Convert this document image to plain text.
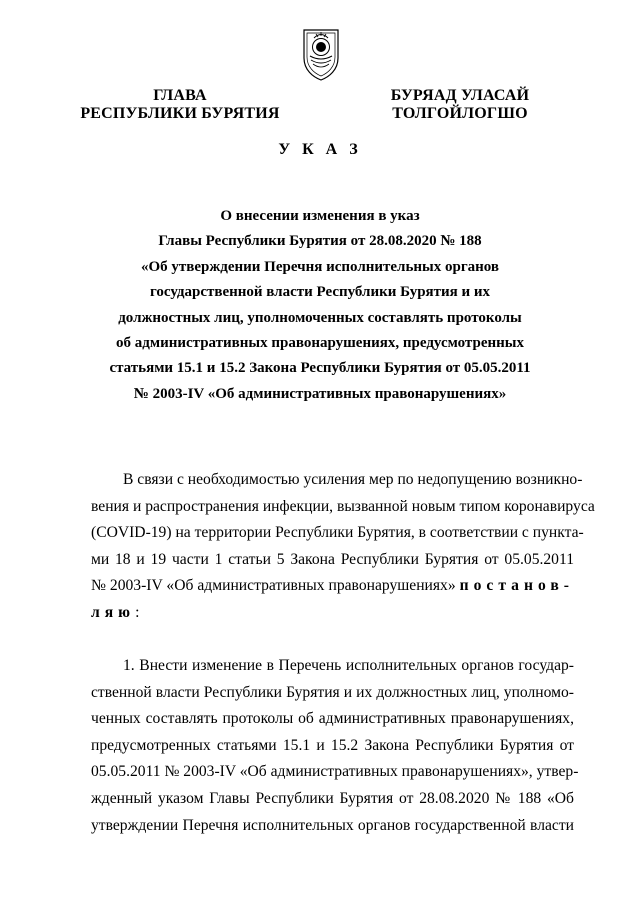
ГЛАВА
РЕСПУБЛИКИ БУРЯТИЯ
БУРЯАД УЛАСАЙ
ТОЛГОЙЛОГШО
У К А З
О внесении изменения в указ
Главы Республики Бурятия от 28.08.2020 № 188
«Об утверждении Перечня исполнительных органов
государственной власти Республики Бурятия и их
должностных лиц, уполномоченных составлять протоколы
об административных правонарушениях, предусмотренных
статьями 15.1 и 15.2 Закона Республики Бурятия от 05.05.2011
№ 2003-IV «Об административных правонарушениях»
В связи с необходимостью усиления мер по недопущению возникно-
вения и распространения инфекции, вызванной новым типом коронавируса
(COVID-19) на территории Республики Бурятия, в соответствии с пункта-
ми 18 и 19 части 1 статьи 5 Закона Республики Бурятия от 05.05.2011
№ 2003-IV «Об административных правонарушениях» постанов-
ляю:
1. Внести изменение в Перечень исполнительных органов государ-
ственной власти Республики Бурятия и их должностных лиц, уполномо-
ченных составлять протоколы об административных правонарушениях,
предусмотренных статьями 15.1 и 15.2 Закона Республики Бурятия от
05.05.2011 № 2003-IV «Об административных правонарушениях», утвер-
жденный указом Главы Республики Бурятия от 28.08.2020 № 188 «Об
утверждении Перечня исполнительных органов государственной власти
